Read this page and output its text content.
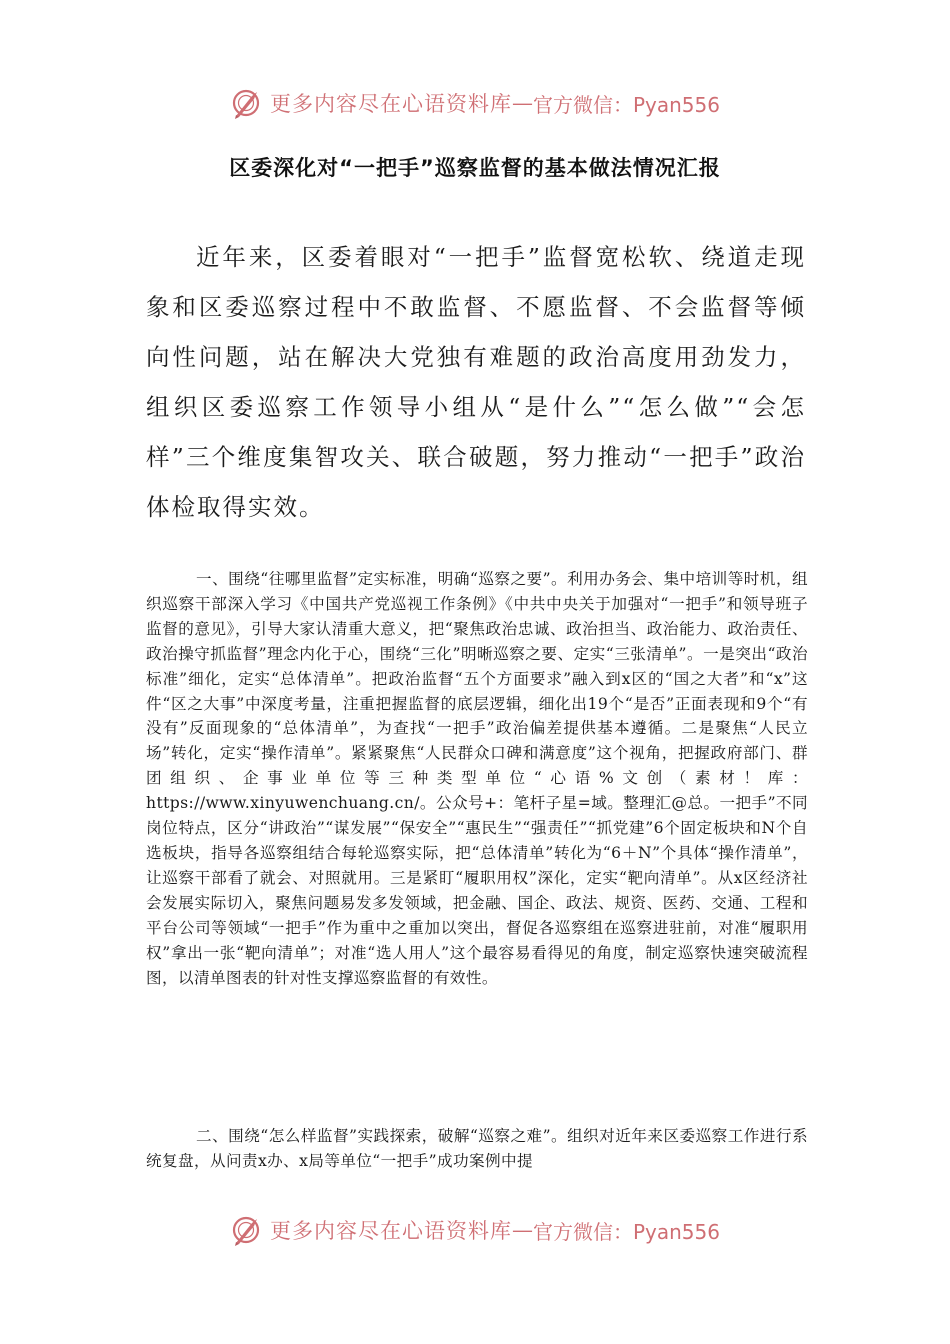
更多内容尽在心语资料库 — 官方微信：Pyan556
区委深化对“一把手”巡察监督的基本做法情况汇报
近年来，区委着眼对“一把手”监督宽松软、绕道走现象和区委巡察过程中不敢监督、不愿监督、不会监督等倾向性问题，站在解决大党独有难题的政治高度用劲发力，组织区委巡察工作领导小组从“是什么”“怎么做”“会怎样”三个维度集智攻关、联合破题，努力推动“一把手”政治体检取得实效。
一、围绕“往哪里监督”定实标准，明确“巡察之要”。利用办务会、集中培训等时机，组织巡察干部深入学习《中国共产党巡视工作条例》《中共中央关于加强对“一把手”和领导班子监督的意见》，引导大家认清重大意义，把“聚焦政治忠诚、政治担当、政治能力、政治责任、政治操守抓监督”理念内化于心，围绕“三化”明晰巡察之要、定实“三张清单”。一是突出“政治标准”细化，定实“总体清单”。把政治监督“五个方面要求”融入到x区的“国之大者”和“x”这件“区之大事”中深度考量，注重把握监督的底层逻辑，细化出19个“是否”正面表现和9个“有没有”反面现象的“总体清单”，为查找“一把手”政治偏差提供基本遵循。二是聚焦“人民立场”转化，定实“操作清单”。紧紧聚焦“人民群众口碑和满意度”这个视角，把握政府部门、群团组织、企事业单位等三种类型单位“心语%文创（素材！库：https://www.xinyuwenchuang.cn/。公众号+：笔杆子星=域。整理汇@总。一把手”不同岗位特点，区分“讲政治”“谋发展”“保安全”“惠民生”“强责任”“抓党建”6个固定板块和N个自选板块，指导各巡察组结合每轮巡察实际，把“总体清单”转化为“6＋N”个具体“操作清单”，让巡察干部看了就会、对照就用。三是紧盯“履职用权”深化，定实“靶向清单”。从x区经济社会发展实际切入，聚焦问题易发多发领域，把金融、国企、政法、规资、医药、交通、工程和平台公司等领域“一把手”作为重中之重加以突出，督促各巡察组在巡察进驻前，对准“履职用权”拿出一张“靶向清单”；对准“选人用人”这个最容易看得见的角度，制定巡察快速突破流程图，以清单图表的针对性支撑巡察监督的有效性。
二、围绕“怎么样监督”实践探索，破解“巡察之难”。组织对近年来区委巡察工作进行系统复盘，从问责x办、x局等单位“一把手”成功案例中提
更多内容尽在心语资料库 — 官方微信：Pyan556
